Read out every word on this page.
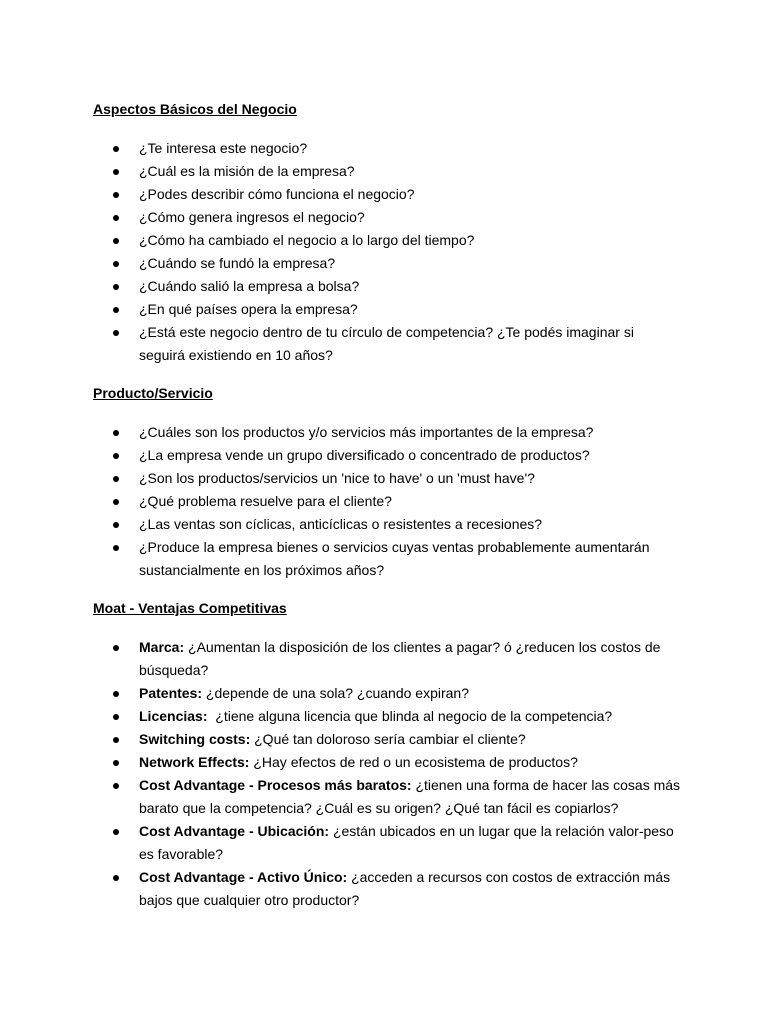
Aspectos Básicos del Negocio
¿Te interesa este negocio?
¿Cuál es la misión de la empresa?
¿Podes describir cómo funciona el negocio?
¿Cómo genera ingresos el negocio?
¿Cómo ha cambiado el negocio a lo largo del tiempo?
¿Cuándo se fundó la empresa?
¿Cuándo salió la empresa a bolsa?
¿En qué países opera la empresa?
¿Está este negocio dentro de tu círculo de competencia? ¿Te podés imaginar si seguirá existiendo en 10 años?
Producto/Servicio
¿Cuáles son los productos y/o servicios más importantes de la empresa?
¿La empresa vende un grupo diversificado o concentrado de productos?
¿Son los productos/servicios un 'nice to have' o un 'must have'?
¿Qué problema resuelve para el cliente?
¿Las ventas son cíclicas, anticíclicas o resistentes a recesiones?
¿Produce la empresa bienes o servicios cuyas ventas probablemente aumentarán sustancialmente en los próximos años?
Moat - Ventajas Competitivas
Marca: ¿Aumentan la disposición de los clientes a pagar? ó ¿reducen los costos de búsqueda?
Patentes: ¿depende de una sola? ¿cuando expiran?
Licencias:  ¿tiene alguna licencia que blinda al negocio de la competencia?
Switching costs: ¿Qué tan doloroso sería cambiar el cliente?
Network Effects: ¿Hay efectos de red o un ecosistema de productos?
Cost Advantage - Procesos más baratos: ¿tienen una forma de hacer las cosas más barato que la competencia? ¿Cuál es su origen? ¿Qué tan fácil es copiarlos?
Cost Advantage - Ubicación: ¿están ubicados en un lugar que la relación valor-peso es favorable?
Cost Advantage - Activo Único: ¿acceden a recursos con costos de extracción más bajos que cualquier otro productor?
